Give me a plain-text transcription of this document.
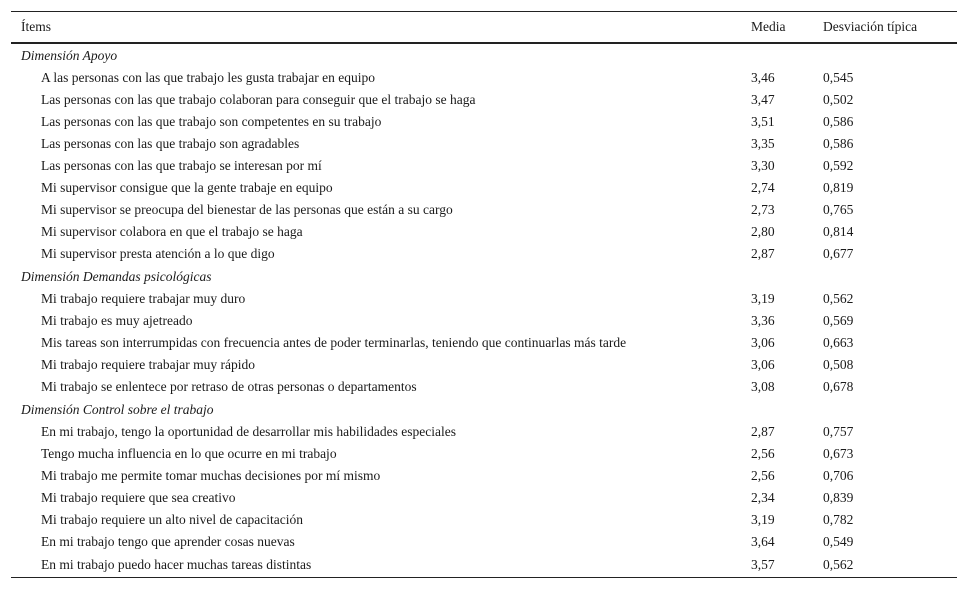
Ítems	Media	Desviación típica
Dimensión Apoyo		
A las personas con las que trabajo les gusta trabajar en equipo	3,46	0,545
Las personas con las que trabajo colaboran para conseguir que el trabajo se haga	3,47	0,502
Las personas con las que trabajo son competentes en su trabajo	3,51	0,586
Las personas con las que trabajo son agradables	3,35	0,586
Las personas con las que trabajo se interesan por mí	3,30	0,592
Mi supervisor consigue que la gente trabaje en equipo	2,74	0,819
Mi supervisor se preocupa del bienestar de las personas que están a su cargo	2,73	0,765
Mi supervisor colabora en que el trabajo se haga	2,80	0,814
Mi supervisor presta atención a lo que digo	2,87	0,677
Dimensión Demandas psicológicas		
Mi trabajo requiere trabajar muy duro	3,19	0,562
Mi trabajo es muy ajetreado	3,36	0,569
Mis tareas son interrumpidas con frecuencia antes de poder terminarlas, teniendo que continuarlas más tarde	3,06	0,663
Mi trabajo requiere trabajar muy rápido	3,06	0,508
Mi trabajo se enlentece por retraso de otras personas o departamentos	3,08	0,678
Dimensión Control sobre el trabajo		
En mi trabajo, tengo la oportunidad de desarrollar mis habilidades especiales	2,87	0,757
Tengo mucha influencia en lo que ocurre en mi trabajo	2,56	0,673
Mi trabajo me permite tomar muchas decisiones por mí mismo	2,56	0,706
Mi trabajo requiere que sea creativo	2,34	0,839
Mi trabajo requiere un alto nivel de capacitación	3,19	0,782
En mi trabajo tengo que aprender cosas nuevas	3,64	0,549
En mi trabajo puedo hacer muchas tareas distintas	3,57	0,562
